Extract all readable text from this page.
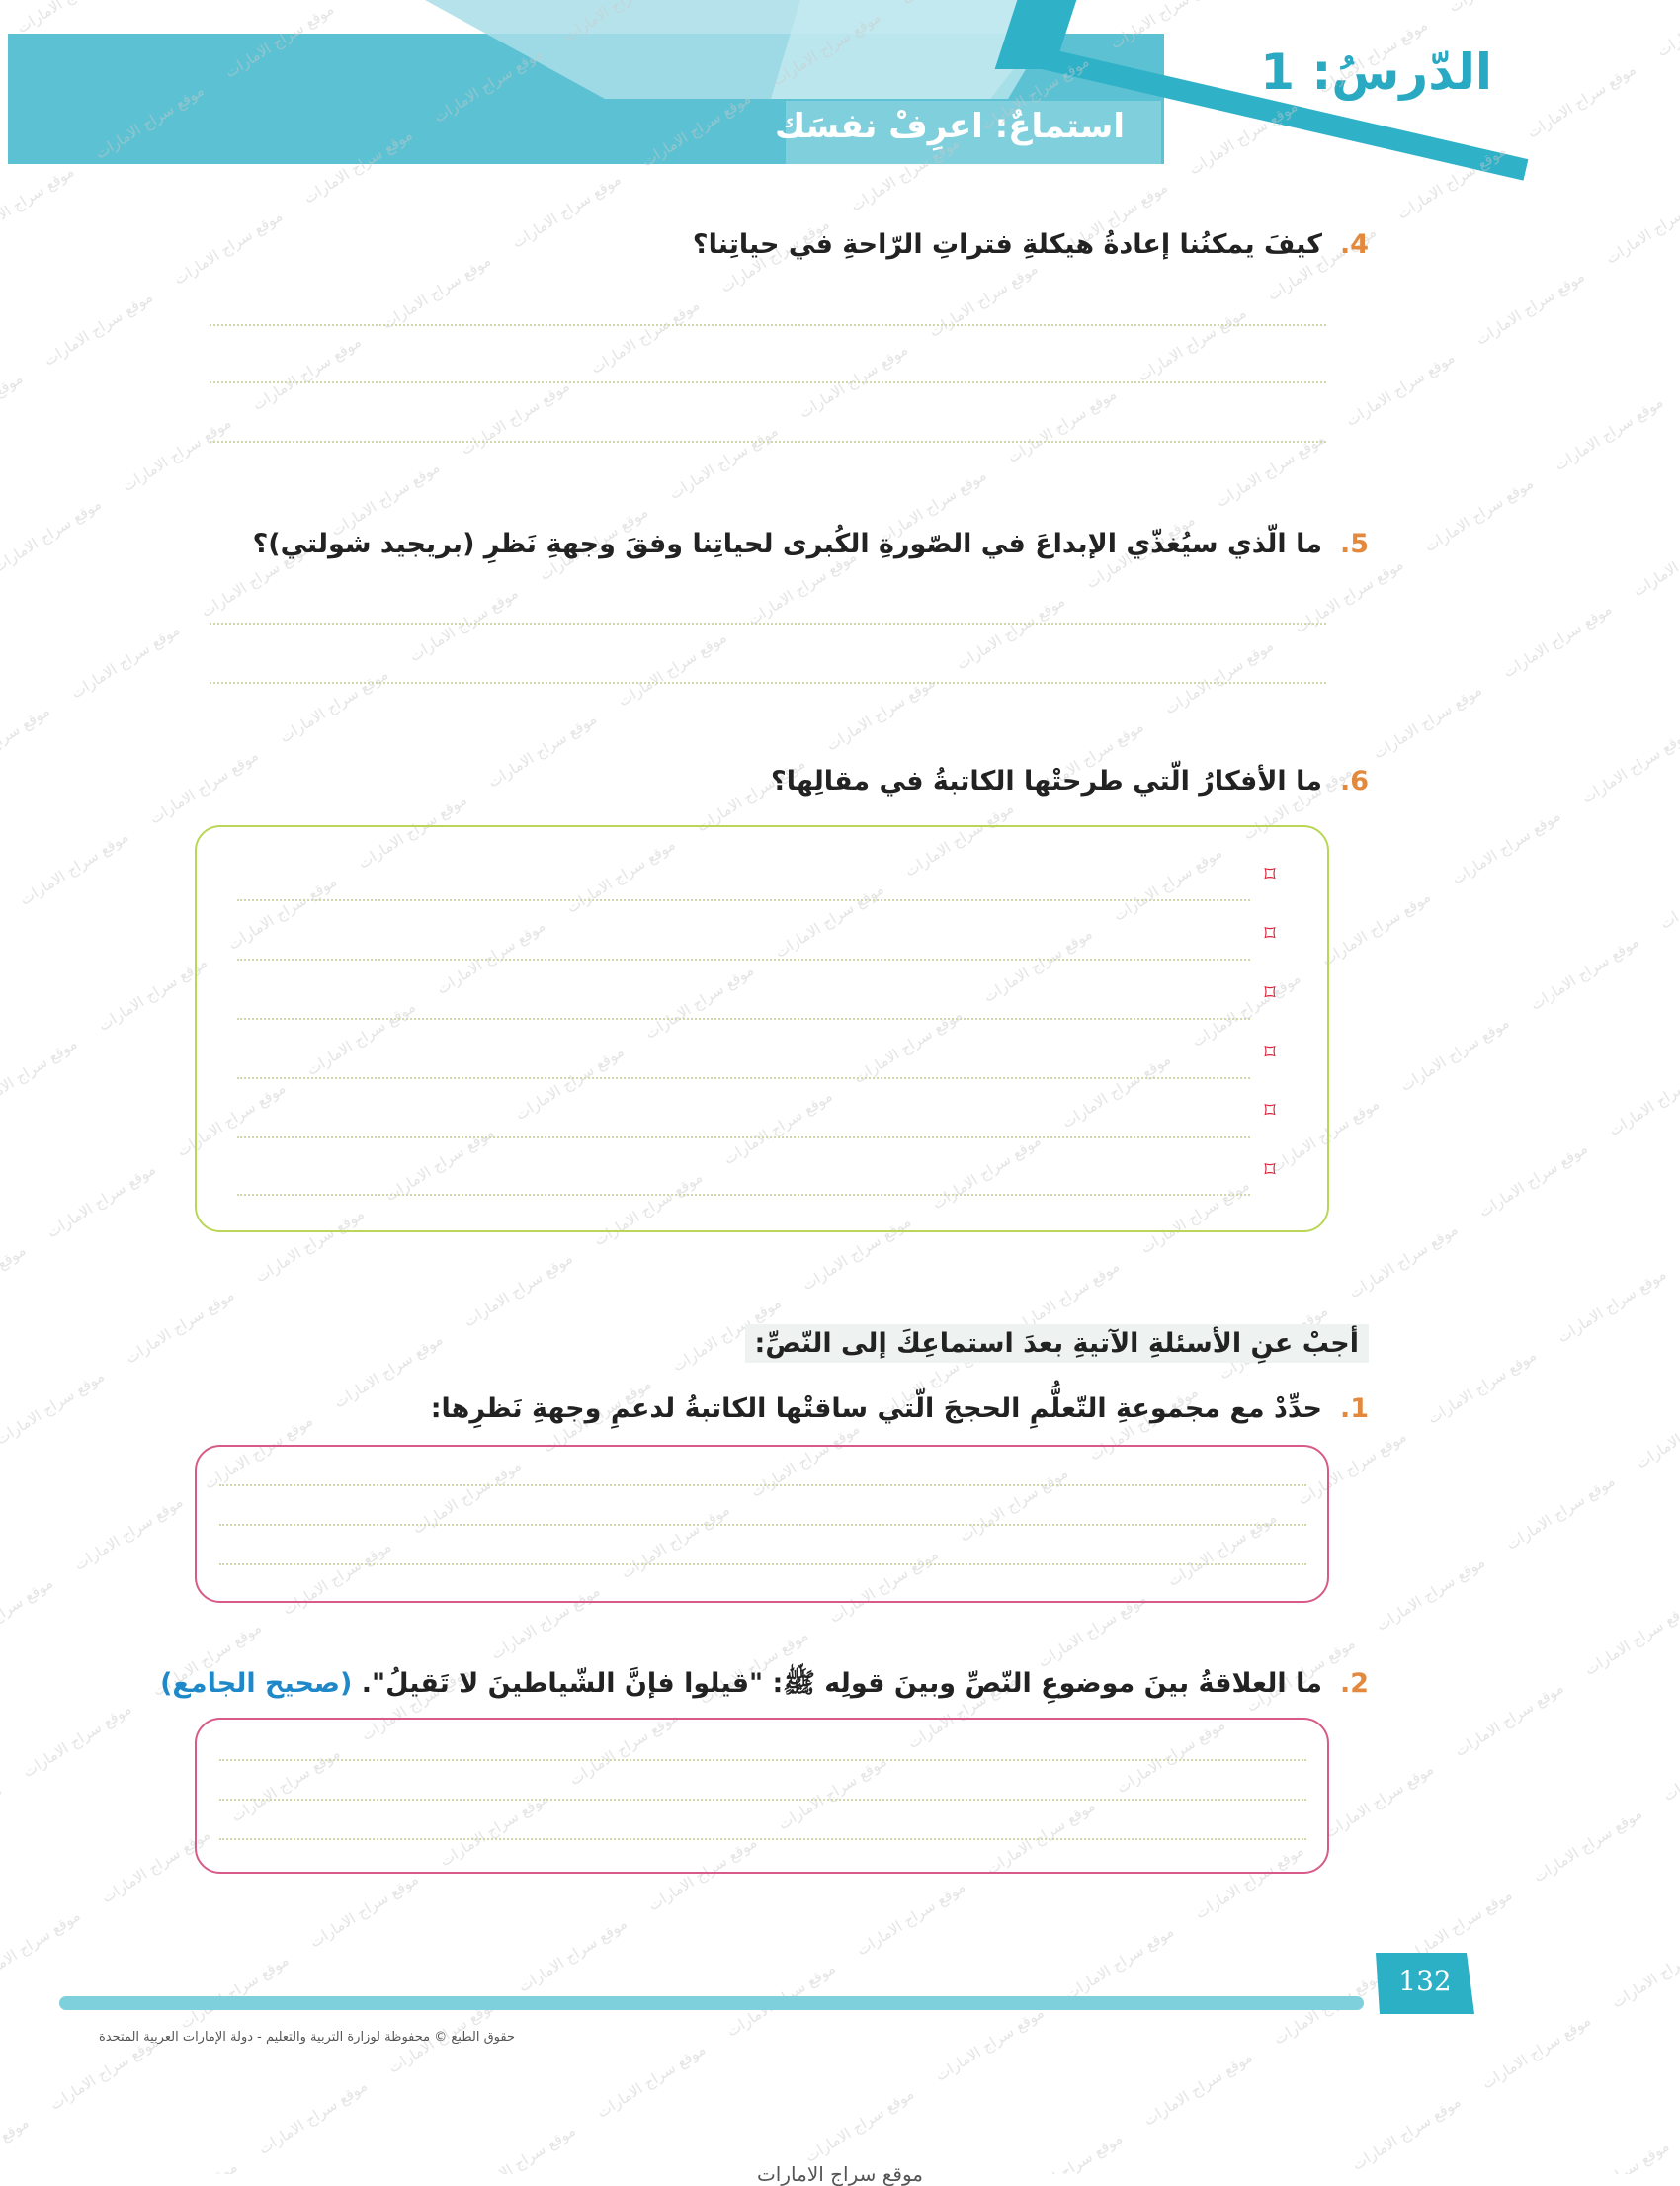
4.كيفَ يمكنُنا إعادةُ هيكلةِ فتراتِ الرّاحةِ في حياتِنا؟
5.ما الّذي سيُغذّي الإبداعَ في الصّورةِ الكُبرى لحياتِنا وفقَ وجهةِ نَظرِ (بريجيد شولتي)؟
6.ما الأفكارُ الّتي طرحتْها الكاتبةُ في مقالِها؟
⌑
⌑
⌑
⌑
⌑
⌑
أجبْ عنِ الأسئلةِ الآتيةِ بعدَ استماعِكَ إلى النّصِّ:
1.حدِّدْ مع مجموعةِ التّعلُّمِ الحججَ الّتي ساقتْها الكاتبةُ لدعمِ وجهةِ نَظرِها:
2.ما العلاقةُ بينَ موضوعِ النّصِّ وبينَ قولِه ﷺ: "قيلوا فإنَّ الشّياطينَ لا تَقيلُ". (صحيح الجامع)
132
حقوق الطبع © محفوظة لوزارة التربية والتعليم - دولة الإمارات العربية المتحدة
موقع سراج الامارات
